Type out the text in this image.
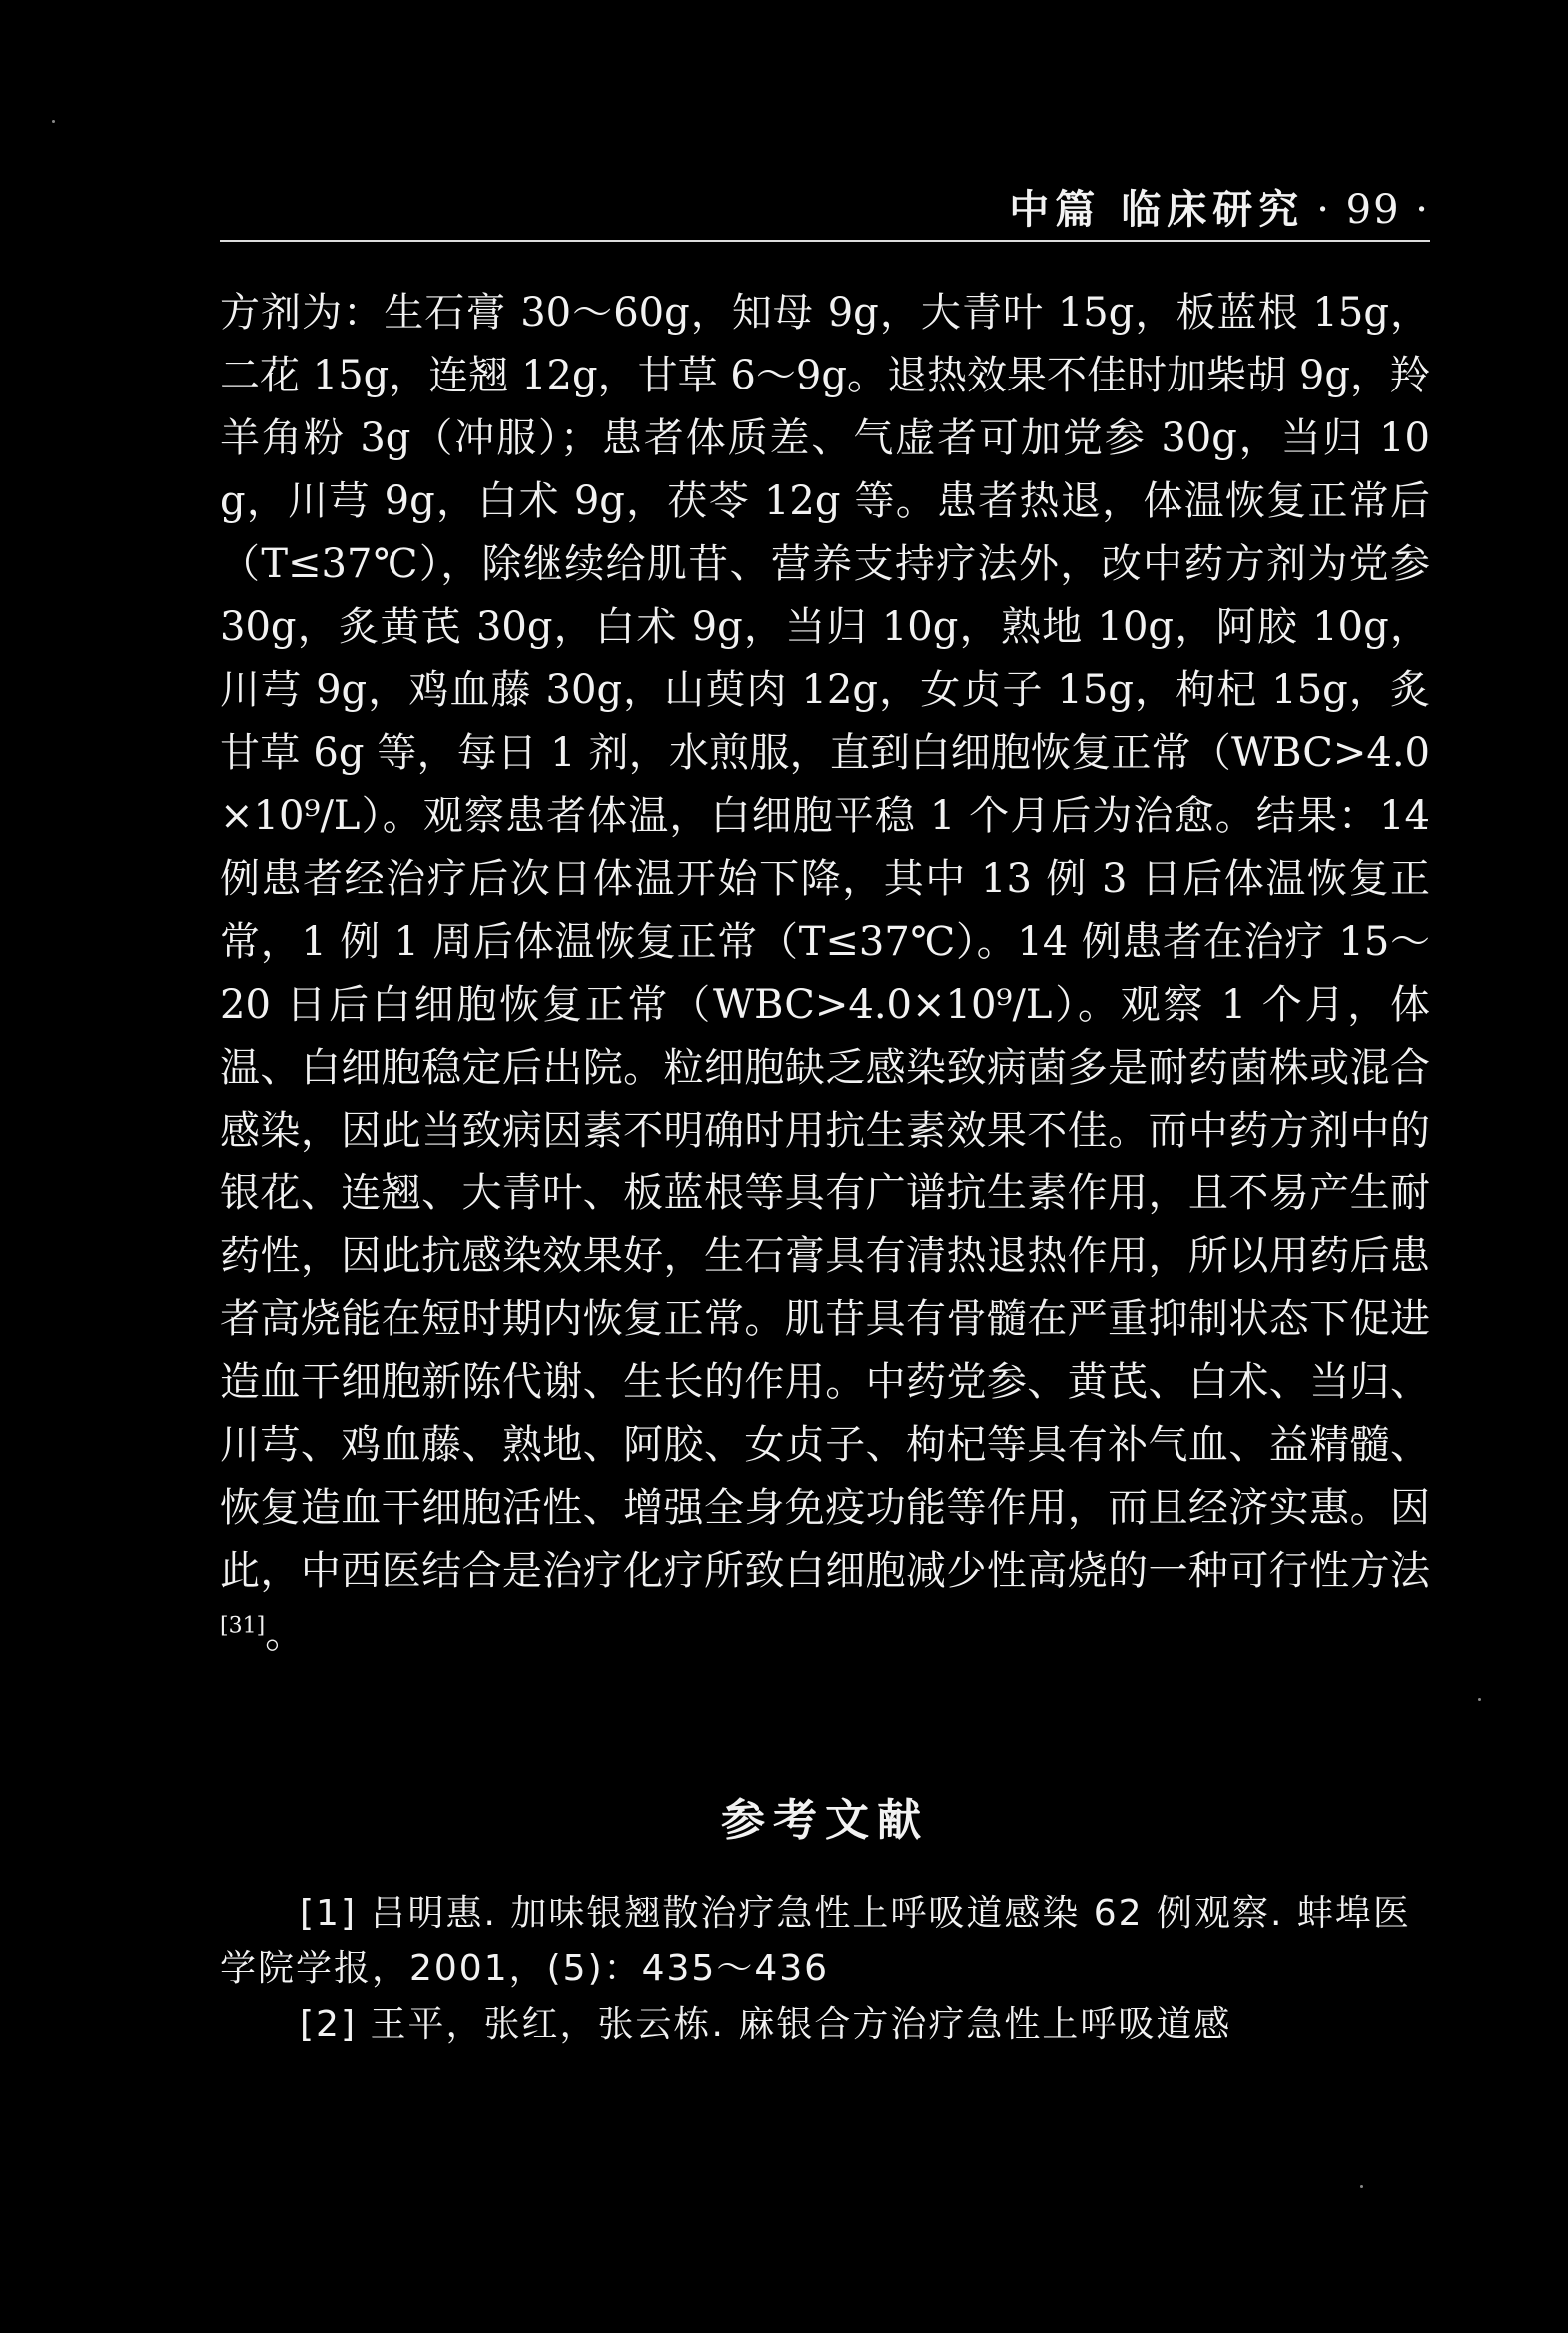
中篇 临床研究 · 99 ·

方剂为：生石膏 30～60g，知母 9g，大青叶 15g，板蓝根 15g，二花 15g，连翘 12g，甘草 6～9g。退热效果不佳时加柴胡 9g，羚羊角粉 3g（冲服）；患者体质差、气虚者可加党参 30g，当归 10g，川芎 9g，白术 9g，茯苓 12g 等。患者热退，体温恢复正常后（T≤37℃），除继续给肌苷、营养支持疗法外，改中药方剂为党参 30g，炙黄芪 30g，白术 9g，当归 10g，熟地 10g，阿胶 10g，川芎 9g，鸡血藤 30g，山萸肉 12g，女贞子 15g，枸杞 15g，炙甘草 6g 等，每日 1 剂，水煎服，直到白细胞恢复正常（WBC>4.0×10⁹/L）。观察患者体温，白细胞平稳 1 个月后为治愈。结果：14 例患者经治疗后次日体温开始下降，其中 13 例 3 日后体温恢复正常，1 例 1 周后体温恢复正常（T≤37℃）。14 例患者在治疗 15～20 日后白细胞恢复正常（WBC>4.0×10⁹/L）。观察 1 个月，体温、白细胞稳定后出院。粒细胞缺乏感染致病菌多是耐药菌株或混合感染，因此当致病因素不明确时用抗生素效果不佳。而中药方剂中的银花、连翘、大青叶、板蓝根等具有广谱抗生素作用，且不易产生耐药性，因此抗感染效果好，生石膏具有清热退热作用，所以用药后患者高烧能在短时期内恢复正常。肌苷具有骨髓在严重抑制状态下促进造血干细胞新陈代谢、生长的作用。中药党参、黄芪、白术、当归、川芎、鸡血藤、熟地、阿胶、女贞子、枸杞等具有补气血、益精髓、恢复造血干细胞活性、增强全身免疫功能等作用，而且经济实惠。因此，中西医结合是治疗化疗所致白细胞减少性高烧的一种可行性方法[31]。

参考文献
[1] 吕明惠. 加味银翘散治疗急性上呼吸道感染 62 例观察. 蚌埠医学院学报，2001，(5)：435～436
[2] 王平，张红，张云栋. 麻银合方治疗急性上呼吸道感
